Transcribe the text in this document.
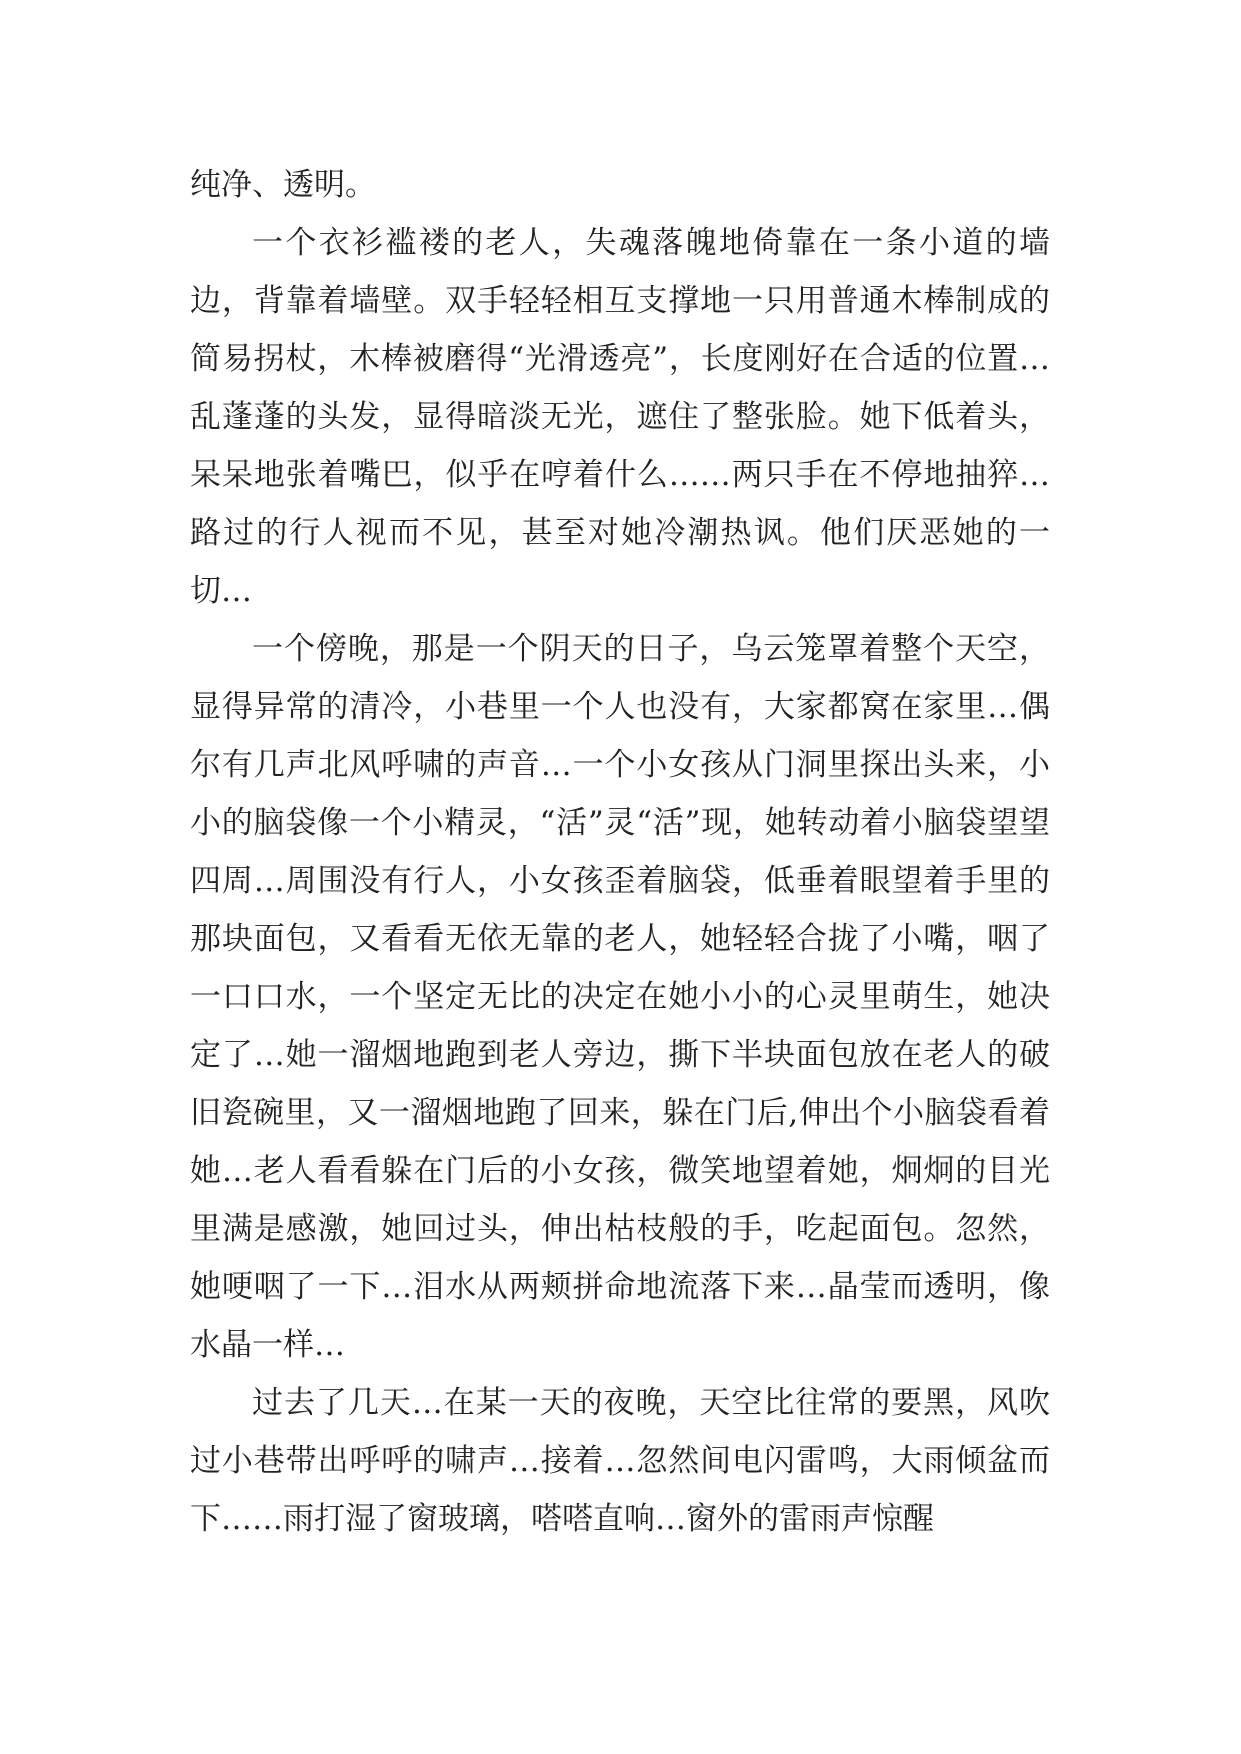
纯净、透明。

一个衣衫褴褛的老人，失魂落魄地倚靠在一条小道的墙边，背靠着墙壁。双手轻轻相互支撑地一只用普通木棒制成的简易拐杖，木棒被磨得“光滑透亮”，长度刚好在合适的位置…乱蓬蓬的头发，显得暗淡无光，遮住了整张脸。她下低着头，呆呆地张着嘴巴，似乎在哼着什么……两只手在不停地抽猝…路过的行人视而不见，甚至对她冷潮热讽。他们厌恶她的一切…

一个傍晚，那是一个阴天的日子，乌云笼罩着整个天空，显得异常的清冷，小巷里一个人也没有，大家都窝在家里…偶尔有几声北风呼啸的声音…一个小女孩从门洞里探出头来，小小的脑袋像一个小精灵，“活”灵“活”现，她转动着小脑袋望望四周…周围没有行人，小女孩歪着脑袋，低垂着眼望着手里的那块面包，又看看无依无靠的老人，她轻轻合拢了小嘴，咽了一口口水，一个坚定无比的决定在她小小的心灵里萌生，她决定了…她一溜烟地跑到老人旁边，撕下半块面包放在老人的破旧瓷碗里，又一溜烟地跑了回来，躲在门后,伸出个小脑袋看着她…老人看看躲在门后的小女孩，微笑地望着她，炯炯的目光里满是感激，她回过头，伸出枯枝般的手，吃起面包。忽然，她哽咽了一下…泪水从两颊拼命地流落下来…晶莹而透明，像水晶一样…

过去了几天…在某一天的夜晚，天空比往常的要黑，风吹过小巷带出呼呼的啸声…接着…忽然间电闪雷鸣，大雨倾盆而下……雨打湿了窗玻璃，嗒嗒直响…窗外的雷雨声惊醒
